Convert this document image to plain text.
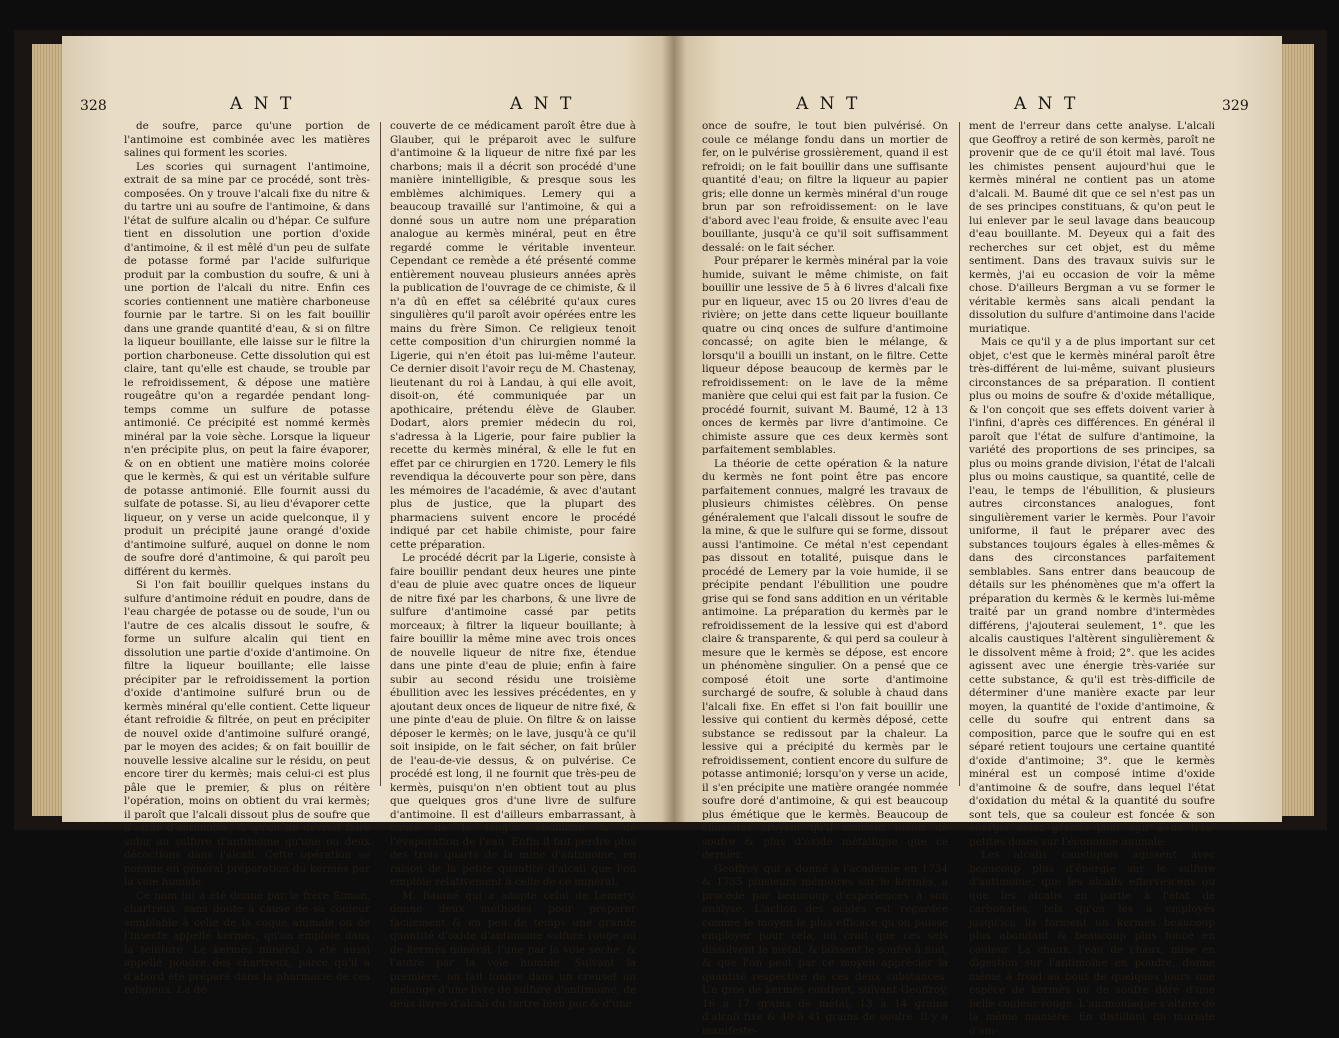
328	A N T	A N T

de soufre, parce qu'une portion de l'antimoine est combinée avec les matières salines qui forment les scories.

Les scories qui surnagent l'antimoine, extrait de sa mine par ce procédé, sont très-composées. On y trouve l'alcali fixe du nitre & du tartre uni au soufre de l'antimoine, & dans l'état de sulfure alcalin ou d'hépar. Ce sulfure tient en dissolution une portion d'oxide d'antimoine, & il est mêlé d'un peu de sulfate de potasse formé par l'acide sulfurique produit par la combustion du soufre, & uni à une portion de l'alcali du nitre. Enfin ces scories contiennent une matière charboneuse fournie par le tartre. Si on les fait bouillir dans une grande quantité d'eau, & si on filtre la liqueur bouillante, elle laisse sur le filtre la portion charboneuse. Cette dissolution qui est claire, tant qu'elle est chaude, se trouble par le refroidissement, & dépose une matière rougeâtre qu'on a regardée pendant long-temps comme un sulfure de potasse antimonié. Ce précipité est nommé kermès minéral par la voie sèche. Lorsque la liqueur n'en précipite plus, on peut la faire évaporer, & on en obtient une matière moins colorée que le kermès, & qui est un véritable sulfure de potasse antimonié. Elle fournit aussi du sulfate de potasse. Si, au lieu d'évaporer cette liqueur, on y verse un acide quelconque, il y produit un précipité jaune orangé d'oxide d'antimoine sulfuré, auquel on donne le nom de soufre doré d'antimoine, & qui paroît peu différent du kermès.

Si l'on fait bouillir quelques instans du sulfure d'antimoine réduit en poudre, dans de l'eau chargée de potasse ou de soude, l'un ou l'autre de ces alcalis dissout le soufre, & forme un sulfure alcalin qui tient en dissolution une partie d'oxide d'antimoine. On filtre la liqueur bouillante; elle laisse précipiter par le refroidissement la portion d'oxide d'antimoine sulfuré brun ou de kermès minéral qu'elle contient. Cette liqueur étant refroidie & filtrée, on peut en précipiter de nouvel oxide d'antimoine sulfuré orangé, par le moyen des acides; & on fait bouillir de nouvelle lessive alcaline sur le résidu, on peut encore tirer du kermès; mais celui-ci est plus pâle que le premier, & plus on réitère l'opération, moins on obtient du vrai kermès; il paroît que l'alcali dissout plus de soufre que d'oxide d'antimoine, & qu'on ne devroit faire subir au sulfure d'antimoine qu'une ou deux décoctions dans l'alcali. Cette opération se nomme en général préparation du kermès par la voie humide.

Ce nom lui a été donné par le frère Simon, chartreux, sans doute à cause de sa couleur semblable à celle de la coque animale ou de l'insecte appellé kermès, qu'on emploie dans la teinture. Le kermès minéral a été aussi appellé poudre des chartreux, parce qu'il a d'abord été préparé dans la pharmacie de ces religieux. La dé-

couverte de ce médicament paroît être due à Glauber, qui le préparoit avec le sulfure d'antimoine & la liqueur de nitre fixé par les charbons; mais il a décrit son procédé d'une manière inintelligible, & presque sous les emblèmes alchimiques. Lemery qui a beaucoup travaillé sur l'antimoine, & qui a donné sous un autre nom une préparation analogue au kermès minéral, peut en être regardé comme le véritable inventeur. Cependant ce remède a été présenté comme entièrement nouveau plusieurs années après la publication de l'ouvrage de ce chimiste, & il n'a dû en effet sa célébrité qu'aux cures singulières qu'il paroît avoir opérées entre les mains du frère Simon. Ce religieux tenoit cette composition d'un chirurgien nommé la Ligerie, qui n'en étoit pas lui-même l'auteur. Ce dernier disoit l'avoir reçu de M. Chastenay, lieutenant du roi à Landau, à qui elle avoit, disoit-on, été communiquée par un apothicaire, prétendu élève de Glauber. Dodart, alors premier médecin du roi, s'adressa à la Ligerie, pour faire publier la recette du kermès minéral, & elle le fut en effet par ce chirurgien en 1720. Lemery le fils revendiqua la découverte pour son père, dans les mémoires de l'académie, & avec d'autant plus de justice, que la plupart des pharmaciens suivent encore le procédé indiqué par cet habile chimiste, pour faire cette préparation.

Le procédé décrit par la Ligerie, consiste à faire bouillir pendant deux heures une pinte d'eau de pluie avec quatre onces de liqueur de nitre fixé par les charbons, & une livre de sulfure d'antimoine cassé par petits morceaux; à filtrer la liqueur bouillante; à faire bouillir la même mine avec trois onces de nouvelle liqueur de nitre fixe, étendue dans une pinte d'eau de pluie; enfin à faire subir au second résidu une troisième ébullition avec les lessives précédentes, en y ajoutant deux onces de liqueur de nitre fixé, & une pinte d'eau de pluie. On filtre & on laisse déposer le kermès; on le lave, jusqu'à ce qu'il soit insipide, on le fait sécher, on fait brûler de l'eau-de-vie dessus, & on pulvérise. Ce procédé est long, il ne fournit que très-peu de kermès, puisqu'on n'en obtient tout au plus que quelques gros d'une livre de sulfure d'antimoine. Il est d'ailleurs embarrassant, à cause de la longue ébullition & de l'évaporation de l'eau. Enfin il fait perdre plus des trois quarts de la mine d'antimoine, en raison de la petite quantité d'alcali que l'on emploie relativement à celle de ce minéral.

M. Baumé qui a adopté celui de Lemery, donne deux méthodes pour préparer facilement & en peu de temps une grande quantité d'oxide d'antimoine sulfuré rouge ou de kermès minéral, l'une par la voie sèche, & l'autre par la voie humide. Suivant la première, on fait fondre dans un creuset un mélange d'une livre de sulfure d'antimoine, de deux livres d'alcali du tartre bien pur & d'une

A N T	A N T	329

once de soufre, le tout bien pulvérisé. On coule ce mélange fondu dans un mortier de fer, on le pulvérise grossièrement, quand il est refroidi; on le fait bouillir dans une suffisante quantité d'eau; on filtre la liqueur au papier gris; elle donne un kermès minéral d'un rouge brun par son refroidissement: on le lave d'abord avec l'eau froide, & ensuite avec l'eau bouillante, jusqu'à ce qu'il soit suffisamment dessalé: on le fait sécher.

Pour préparer le kermès minéral par la voie humide, suivant le même chimiste, on fait bouillir une lessive de 5 à 6 livres d'alcali fixe pur en liqueur, avec 15 ou 20 livres d'eau de rivière; on jette dans cette liqueur bouillante quatre ou cinq onces de sulfure d'antimoine concassé; on agite bien le mélange, & lorsqu'il a bouilli un instant, on le filtre. Cette liqueur dépose beaucoup de kermès par le refroidissement: on le lave de la même manière que celui qui est fait par la fusion. Ce procédé fournit, suivant M. Baumé, 12 à 13 onces de kermès par livre d'antimoine. Ce chimiste assure que ces deux kermès sont parfaitement semblables.

La théorie de cette opération & la nature du kermès ne font point être pas encore parfaitement connues, malgré les travaux de plusieurs chimistes célèbres. On pense généralement que l'alcali dissout le soufre de la mine, & que le sulfure qui se forme, dissout aussi l'antimoine. Ce métal n'est cependant pas dissout en totalité, puisque dans le procédé de Lemery par la voie humide, il se précipite pendant l'ébullition une poudre grise qui se fond sans addition en un véritable antimoine. La préparation du kermès par le refroidissement de la lessive qui est d'abord claire & transparente, & qui perd sa couleur à mesure que le kermès se dépose, est encore un phénomène singulier. On a pensé que ce composé étoit une sorte d'antimoine surchargé de soufre, & soluble à chaud dans l'alcali fixe. En effet si l'on fait bouillir une lessive qui contient du kermès déposé, cette substance se redissout par la chaleur. La lessive qui a précipité du kermès par le refroidissement, contient encore du sulfure de potasse antimonié; lorsqu'on y verse un acide, il s'en précipite une matière orangée nommée soufre doré d'antimoine, & qui est beaucoup plus émétique que le kermès. Beaucoup de chimistes croyent qu'il contient moins de soufre & plus d'oxide métallique que ce dernier.

Geoffroy qui a donné à l'académie en 1734 & 1735 plusieurs mémoires sur le kermès, a procédé par beaucoup d'expériences à son analyse. L'action des acides est regardée comme le moyen le plus efficace qu'on puisse employer pour cela, on croit que ces sels dissolvent le métal, & laissent le soufre à nud, & que l'on peut par ce moyen apprécier la quantité respective de ces deux substances. Un gros de kermès contient, suivant Geoffroy, 16 à 17 grains de métal, 13 à 14 grains d'alcali fixe & 40 à 41 grains de soufre. Il y a manifeste-

ment de l'erreur dans cette analyse. L'alcali que Geoffroy a retiré de son kermès, paroît ne provenir que de ce qu'il étoit mal lavé. Tous les chimistes pensent aujourd'hui que le kermès minéral ne contient pas un atome d'alcali. M. Baumé dit que ce sel n'est pas un de ses principes constituans, & qu'on peut le lui enlever par le seul lavage dans beaucoup d'eau bouillante. M. Deyeux qui a fait des recherches sur cet objet, est du même sentiment. Dans des travaux suivis sur le kermès, j'ai eu occasion de voir la même chose. D'ailleurs Bergman a vu se former le véritable kermès sans alcali pendant la dissolution du sulfure d'antimoine dans l'acide muriatique.

Mais ce qu'il y a de plus important sur cet objet, c'est que le kermès minéral paroît être très-différent de lui-même, suivant plusieurs circonstances de sa préparation. Il contient plus ou moins de soufre & d'oxide métallique, & l'on conçoit que ses effets doivent varier à l'infini, d'après ces différences. En général il paroît que l'état de sulfure d'antimoine, la variété des proportions de ses principes, sa plus ou moins grande division, l'état de l'alcali plus ou moins caustique, sa quantité, celle de l'eau, le temps de l'ébullition, & plusieurs autres circonstances analogues, font singulièrement varier le kermès. Pour l'avoir uniforme, il faut le préparer avec des substances toujours égales à elles-mêmes & dans des circonstances parfaitement semblables. Sans entrer dans beaucoup de détails sur les phénomènes que m'a offert la préparation du kermès & le kermès lui-même traité par un grand nombre d'intermèdes différens, j'ajouterai seulement, 1°. que les alcalis caustiques l'altèrent singulièrement & le dissolvent même à froid; 2°. que les acides agissent avec une énergie très-variée sur cette substance, & qu'il est très-difficile de déterminer d'une manière exacte par leur moyen, la quantité de l'oxide d'antimoine, & celle du soufre qui entrent dans sa composition, parce que le soufre qui en est séparé retient toujours une certaine quantité d'oxide d'antimoine; 3°. que le kermès minéral est un composé intime d'oxide d'antimoine & de soufre, dans lequel l'état d'oxidation du métal & la quantité du soufre sont tels, que sa couleur est foncée & son énergie assez grande pour agir à de très-petites doses sur l'économie animale.

Les alcalis caustiques agissent avec beaucoup plus d'énergie sur le sulfure d'antimoine, que les alcalis effervescens ou que les alcalis en partie à l'état de carbonates, tels qu'on les a employés jusqu'ici; ils forment un kermès beaucoup plus abondant & beaucoup plus foncé en couleur. La chaux, l'eau de chaux, mise en digestion sur l'antimoine en poudre, donne même à froid au bout de quelques jours une espèce de kermès ou de soufre doré d'une belle couleur rouge. L'ammoniaque s'altère de la même manière. En distillant du muriate d'am-
